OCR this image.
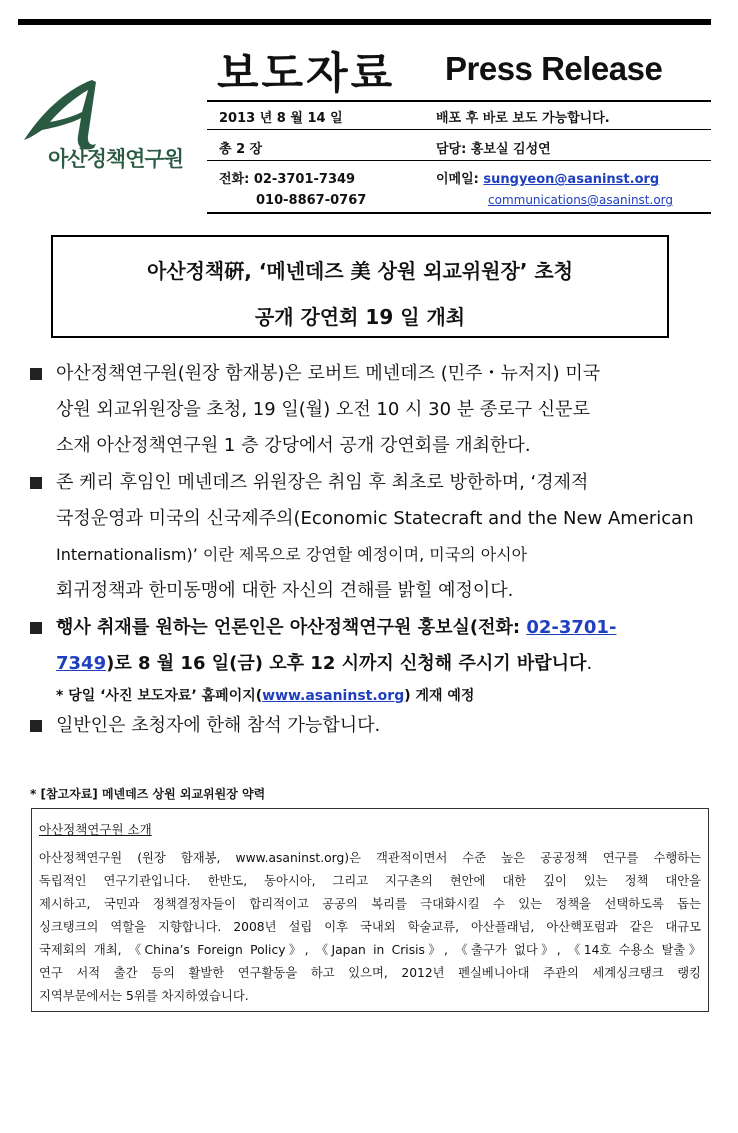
아산정책연구원
보도자료 Press Release
2013 년 8 월 14 일	배포 후 바로 보도 가능합니다.
총 2 장	담당: 홍보실 김성연
전화: 02-3701-7349	이메일: sungyeon@asaninst.org
010-8867-0767	communications@asaninst.org
아산정책硏, ‘메넨데즈 美 상원 외교위원장’ 초청
공개 강연회 19 일 개최
아산정책연구원(원장 함재봉)은 로버트 메넨데즈 (민주・뉴저지) 미국
상원 외교위원장을 초청, 19 일(월) 오전 10 시 30 분 종로구 신문로
소재 아산정책연구원 1 층 강당에서 공개 강연회를 개최한다.
존 케리 후임인 메넨데즈 위원장은 취임 후 최초로 방한하며, ‘경제적
국정운영과 미국의 신국제주의(Economic Statecraft and the New American
Internationalism)’ 이란 제목으로 강연할 예정이며, 미국의 아시아
회귀정책과 한미동맹에 대한 자신의 견해를 밝힐 예정이다.
행사 취재를 원하는 언론인은 아산정책연구원 홍보실(전화: 02-3701-
7349)로 8 월 16 일(금) 오후 12 시까지 신청해 주시기 바랍니다.
* 당일 ‘사진 보도자료’ 홈페이지(www.asaninst.org) 게재 예정
일반인은 초청자에 한해 참석 가능합니다.
* [참고자료] 메넨데즈 상원 외교위원장 약력
아산정책연구원 소개
아산정책연구원 (원장 함재봉, www.asaninst.org)은 객관적이면서 수준 높은 공공정책 연구를 수행하는
독립적인 연구기관입니다. 한반도, 동아시아, 그리고 지구촌의 현안에 대한 깊이 있는 정책 대안을
제시하고, 국민과 정책결정자들이 합리적이고 공공의 복리를 극대화시킬 수 있는 정책을 선택하도록 돕는
싱크탱크의 역할을 지향합니다. 2008년 설립 이후 국내외 학술교류, 아산플래넘, 아산핵포럼과 같은 대규모
국제회의 개최, 《China’s Foreign Policy》, 《Japan in Crisis》, 《출구가 없다》, 《14호 수용소 탈출》
연구 서적 출간 등의 활발한 연구활동을 하고 있으며, 2012년 펜실베니아대 주관의 세계싱크탱크 랭킹
지역부문에서는 5위를 차지하였습니다.
